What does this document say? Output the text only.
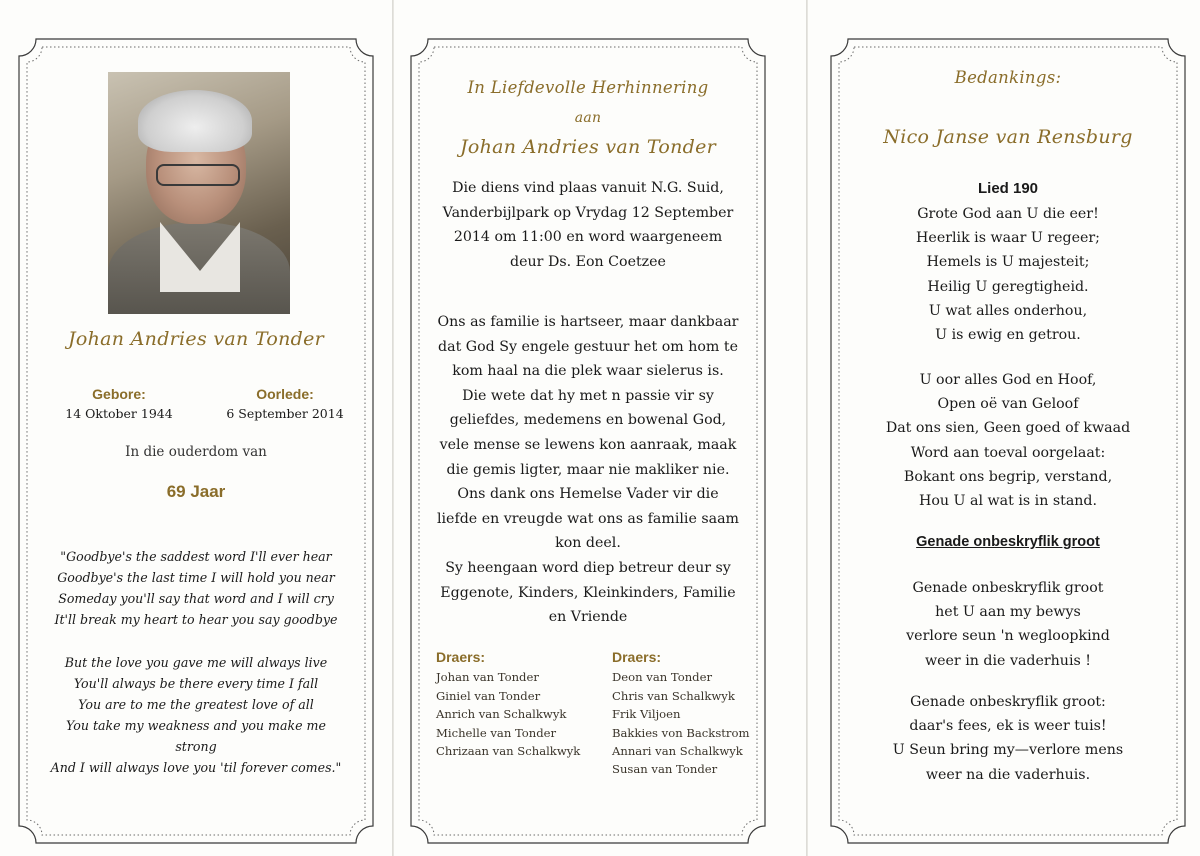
Johan Andries van Tonder
Gebore:
14 Oktober 1944
Oorlede:
6 September 2014
In die ouderdom van
69 Jaar
"Goodbye's the saddest word I'll ever hear
Goodbye's the last time I will hold you near
Someday you'll say that word and I will cry
It'll break my heart to hear you say goodbye
But the love you gave me will always live
You'll always be there every time I fall
You are to me the greatest love of all
You take my weakness and you make me
strong
And I will always love you 'til forever comes."
In Liefdevolle Herhinnering
aan
Johan Andries van Tonder
Die diens vind plaas vanuit N.G. Suid,
Vanderbijlpark op Vrydag 12 September
2014 om 11:00 en word waargeneem
deur Ds. Eon Coetzee
Ons as familie is hartseer, maar dankbaar
dat God Sy engele gestuur het om hom te
kom haal na die plek waar sielerus is.
Die wete dat hy met n passie vir sy
geliefdes, medemens en bowenal God,
vele mense se lewens kon aanraak, maak
die gemis ligter, maar nie makliker nie.
Ons dank ons Hemelse Vader vir die
liefde en vreugde wat ons as familie saam
kon deel.
Sy heengaan word diep betreur deur sy
Eggenote, Kinders, Kleinkinders, Familie
en Vriende
Draers:
Johan van Tonder
Giniel van Tonder
Anrich van Schalkwyk
Michelle van Tonder
Chrizaan van Schalkwyk
Draers:
Deon van Tonder
Chris van Schalkwyk
Frik Viljoen
Bakkies von Backstrom
Annari van Schalkwyk
Susan van Tonder
Bedankings:
Nico Janse van Rensburg
Lied 190
Grote God aan U die eer!
Heerlik is waar U regeer;
Hemels is U majesteit;
Heilig U geregtigheid.
U wat alles onderhou,
U is ewig en getrou.
U oor alles God en Hoof,
Open oë van Geloof
Dat ons sien, Geen goed of kwaad
Word aan toeval oorgelaat:
Bokant ons begrip, verstand,
Hou U al wat is in stand.
Genade onbeskryflik groot
Genade onbeskryflik groot
het U aan my bewys
verlore seun 'n wegloopkind
weer in die vaderhuis !
Genade onbeskryflik groot:
daar's fees, ek is weer tuis!
U Seun bring my—verlore mens
weer na die vaderhuis.
